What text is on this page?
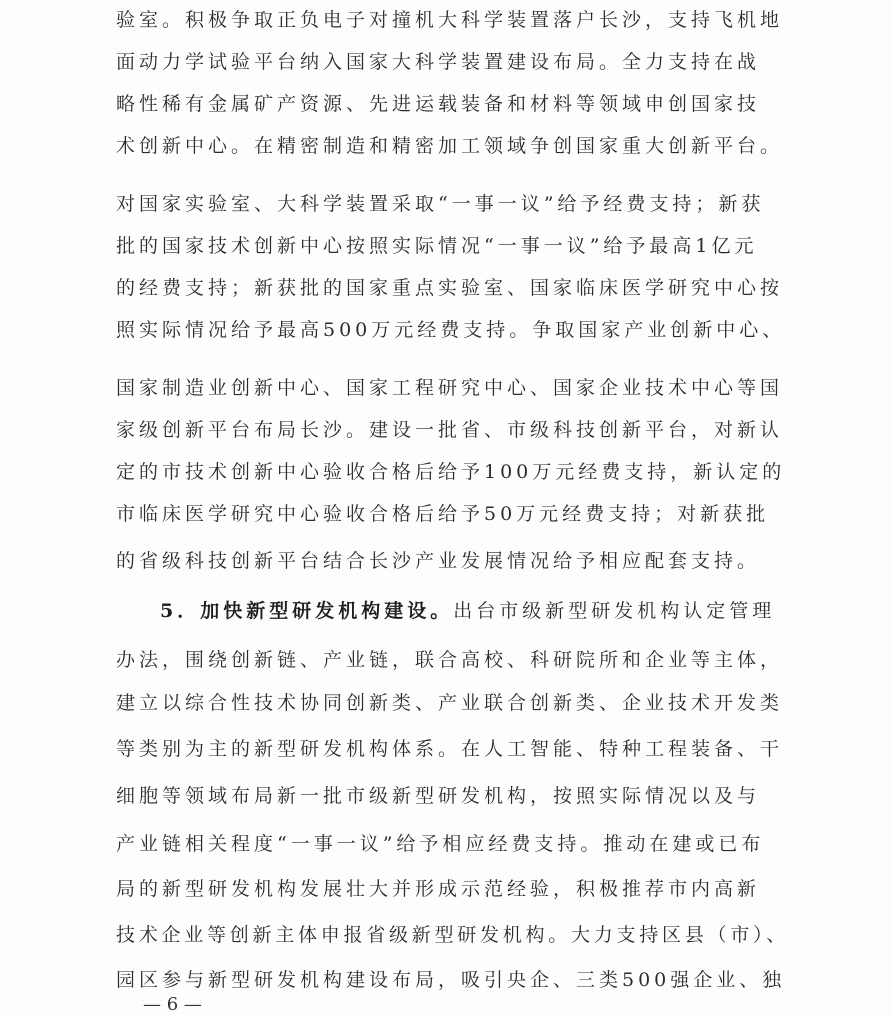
验室。积极争取正负电子对撞机大科学装置落户长沙，支持飞机地
面动力学试验平台纳入国家大科学装置建设布局。全力支持在战
略性稀有金属矿产资源、先进运载装备和材料等领域申创国家技
术创新中心。在精密制造和精密加工领域争创国家重大创新平台。
对国家实验室、大科学装置采取“一事一议”给予经费支持；新获
批的国家技术创新中心按照实际情况“一事一议”给予最高1亿元
的经费支持；新获批的国家重点实验室、国家临床医学研究中心按
照实际情况给予最高500万元经费支持。争取国家产业创新中心、
国家制造业创新中心、国家工程研究中心、国家企业技术中心等国
家级创新平台布局长沙。建设一批省、市级科技创新平台，对新认
定的市技术创新中心验收合格后给予100万元经费支持，新认定的
市临床医学研究中心验收合格后给予50万元经费支持；对新获批
的省级科技创新平台结合长沙产业发展情况给予相应配套支持。
5．加快新型研发机构建设。出台市级新型研发机构认定管理
办法，围绕创新链、产业链，联合高校、科研院所和企业等主体，
建立以综合性技术协同创新类、产业联合创新类、企业技术开发类
等类别为主的新型研发机构体系。在人工智能、特种工程装备、干
细胞等领域布局新一批市级新型研发机构，按照实际情况以及与
产业链相关程度“一事一议”给予相应经费支持。推动在建或已布
局的新型研发机构发展壮大并形成示范经验，积极推荐市内高新
技术企业等创新主体申报省级新型研发机构。大力支持区县（市）、
园区参与新型研发机构建设布局，吸引央企、三类500强企业、独
— 6 —
